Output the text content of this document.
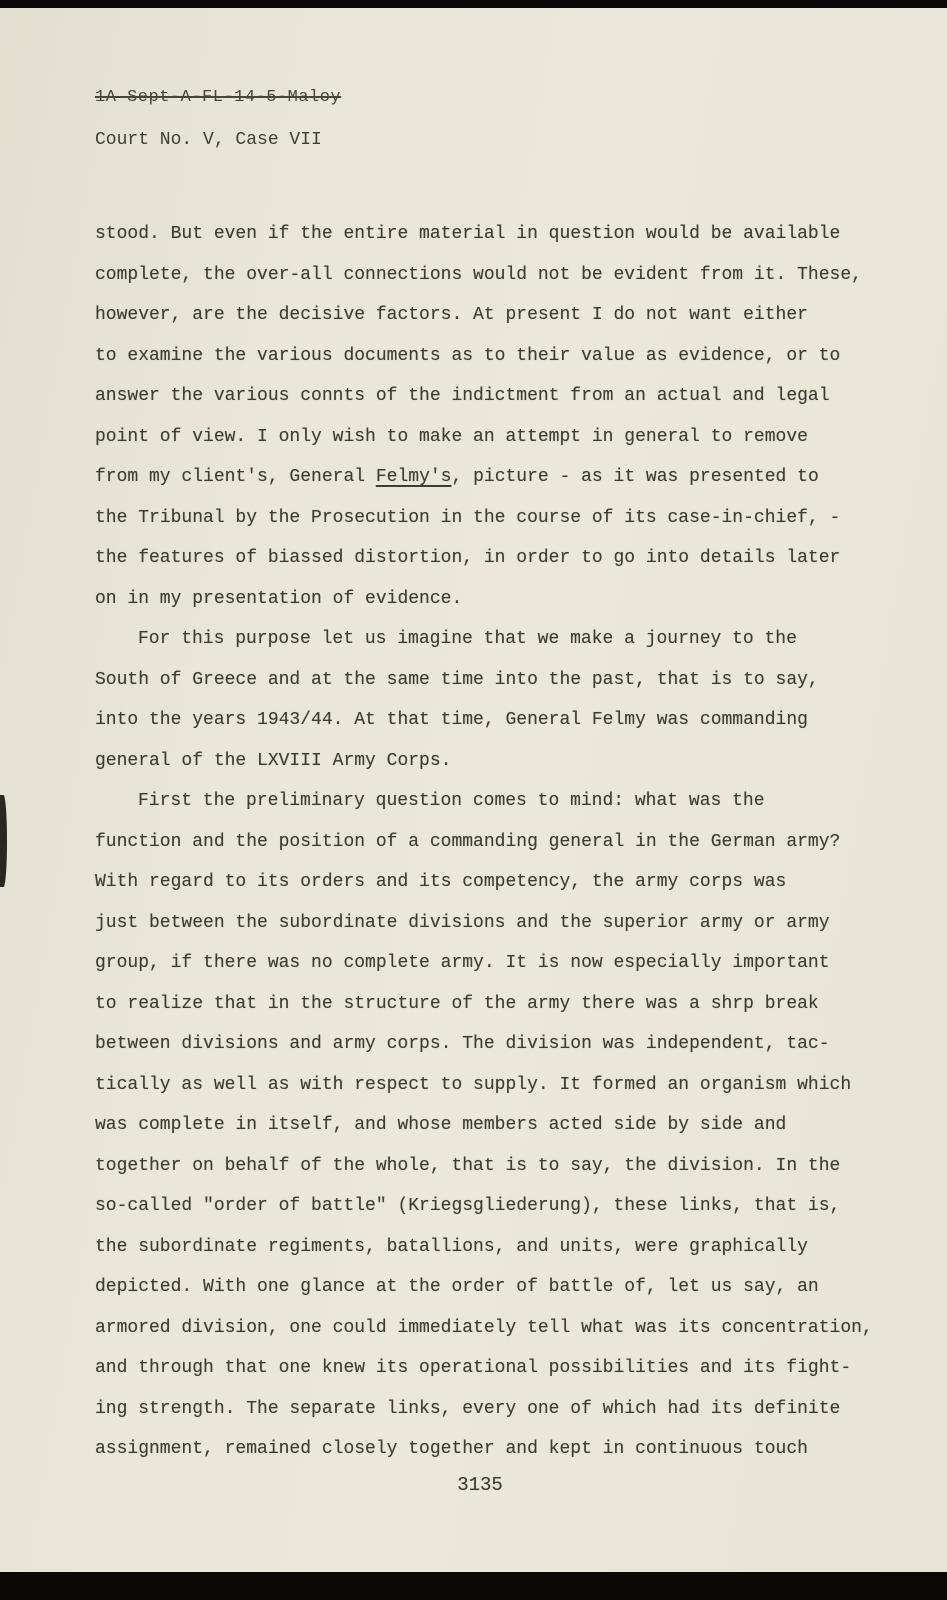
1A Sept-A-FL-14-5-Maloy
Court No. V, Case VII
stood. But even if the entire material in question would be available
complete, the over-all connections would not be evident from it. These,
however, are the decisive factors. At present I do not want either
to examine the various documents as to their value as evidence, or to
answer the various connts of the indictment from an actual and legal
point of view. I only wish to make an attempt in general to remove
from my client's, General Felmy's, picture - as it was presented to
the Tribunal by the Prosecution in the course of its case-in-chief, -
the features of biassed distortion, in order to go into details later
on in my presentation of evidence.
For this purpose let us imagine that we make a journey to the
South of Greece and at the same time into the past, that is to say,
into the years 1943/44. At that time, General Felmy was commanding
general of the LXVIII Army Corps.
First the preliminary question comes to mind: what was the
function and the position of a commanding general in the German army?
With regard to its orders and its competency, the army corps was
just between the subordinate divisions and the superior army or army
group, if there was no complete army. It is now especially important
to realize that in the structure of the army there was a shrp break
between divisions and army corps. The division was independent, tac-
tically as well as with respect to supply. It formed an organism which
was complete in itself, and whose members acted side by side and
together on behalf of the whole, that is to say, the division. In the
so-called "order of battle" (Kriegsgliederung), these links, that is,
the subordinate regiments, batallions, and units, were graphically
depicted. With one glance at the order of battle of, let us say, an
armored division, one could immediately tell what was its concentration,
and through that one knew its operational possibilities and its fight-
ing strength. The separate links, every one of which had its definite
assignment, remained closely together and kept in continuous touch
3135
